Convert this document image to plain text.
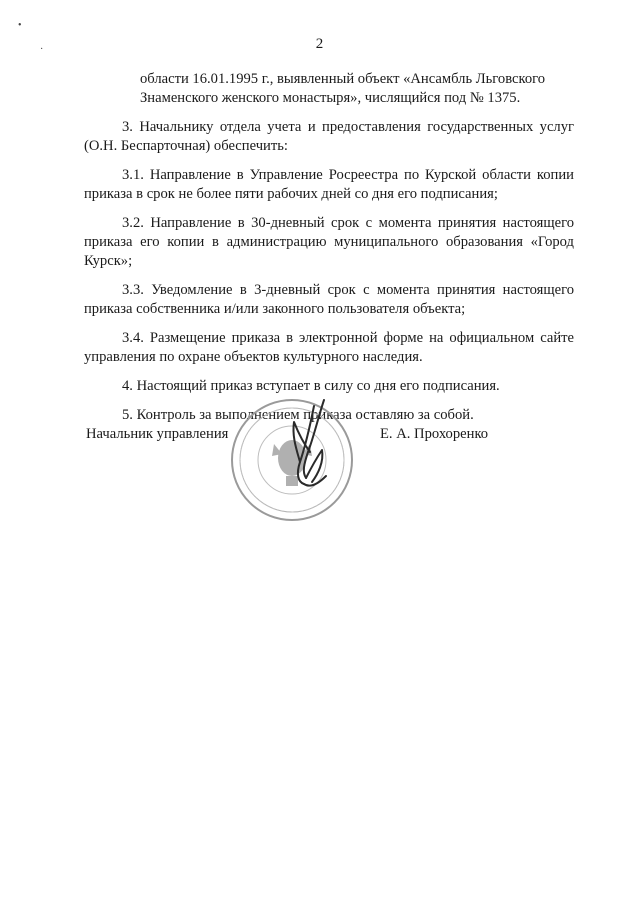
•
·	2

области 16.01.1995 г., выявленный объект «Ансамбль Льговского Знаменского женского монастыря», числящийся под № 1375.

3. Начальнику отдела учета и предоставления государственных услуг (О.Н. Беспарточная) обеспечить:

3.1. Направление в Управление Росреестра по Курской области копии приказа в срок не более пяти рабочих дней со дня его подписания;

3.2. Направление в 30-дневный срок с момента принятия настоящего приказа его копии в администрацию муниципального образования «Город Курск»;

3.3. Уведомление в 3-дневный срок с момента принятия настоящего приказа собственника и/или законного пользователя объекта;

3.4. Размещение приказа в электронной форме на официальном сайте управления по охране объектов культурного наследия.

4. Настоящий приказ вступает в силу со дня его подписания.

5. Контроль за выполнением приказа оставляю за собой.

Начальник управления	Е. А. Прохоренко
